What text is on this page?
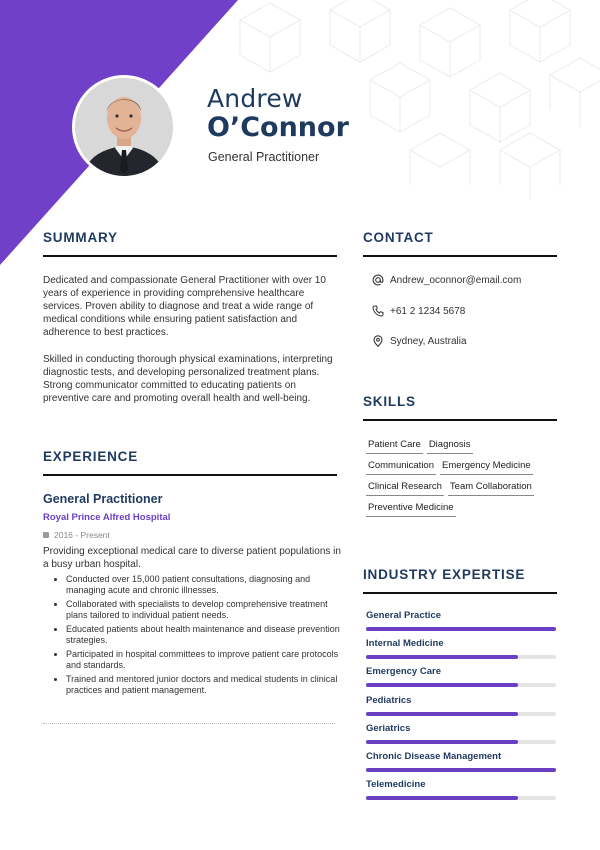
Andrew
O’Connor
General Practitioner
SUMMARY
Dedicated and compassionate General Practitioner with over 10 years of experience in providing comprehensive healthcare services. Proven ability to diagnose and treat a wide range of medical conditions while ensuring patient satisfaction and adherence to best practices.
Skilled in conducting thorough physical examinations, interpreting diagnostic tests, and developing personalized treatment plans. Strong communicator committed to educating patients on preventive care and promoting overall health and well-being.
CONTACT
Andrew_oconnor@email.com
+61 2 1234 5678
Sydney, Australia
SKILLS
Patient Care Diagnosis
Communication Emergency Medicine
Clinical Research Team Collaboration
Preventive Medicine
EXPERIENCE
General Practitioner
Royal Prince Alfred Hospital
2016 - Present
Providing exceptional medical care to diverse patient populations in a busy urban hospital.
• Conducted over 15,000 patient consultations, diagnosing and managing acute and chronic illnesses.
• Collaborated with specialists to develop comprehensive treatment plans tailored to individual patient needs.
• Educated patients about health maintenance and disease prevention strategies.
• Participated in hospital committees to improve patient care protocols and standards.
• Trained and mentored junior doctors and medical students in clinical practices and patient management.
INDUSTRY EXPERTISE
General Practice
Internal Medicine
Emergency Care
Pediatrics
Geriatrics
Chronic Disease Management
Telemedicine
